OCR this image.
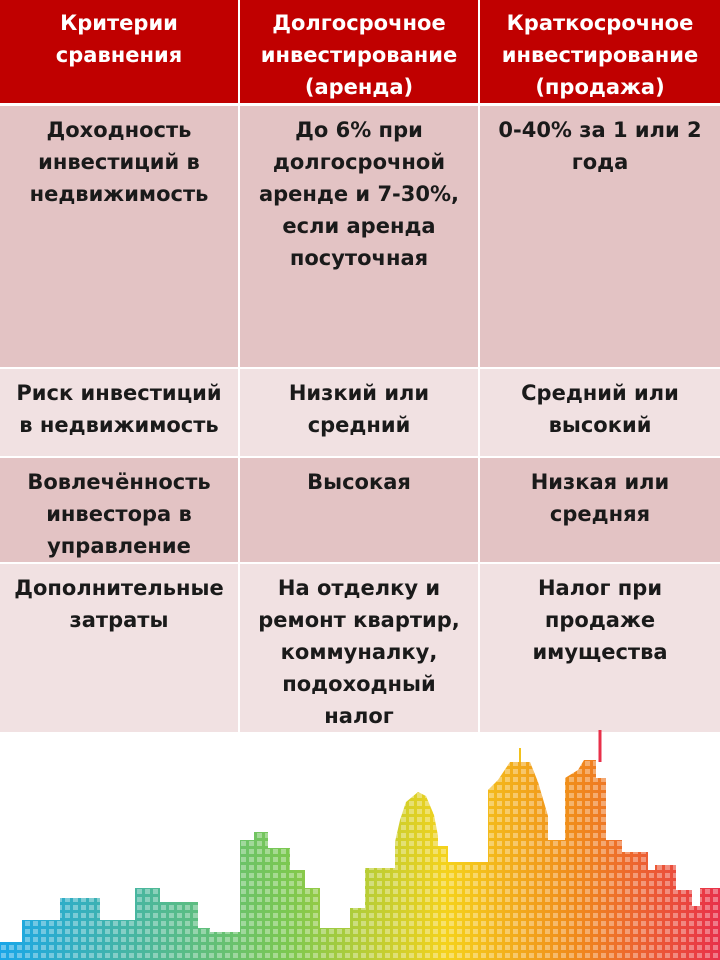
Критерии сравнения	Долгосрочное инвестирование (аренда)	Краткосрочное инвестирование (продажа)
Доходность инвестиций в недвижимость	До 6% при долгосрочной аренде и 7-30%, если аренда посуточная	0-40% за 1 или 2 года
Риск инвестиций в недвижимость	Низкий или средний	Средний или высокий
Вовлечённость инвестора в управление	Высокая	Низкая или средняя
Дополнительные затраты	На отделку и ремонт квартир, коммуналку, подоходный налог	Налог при продаже имущества
